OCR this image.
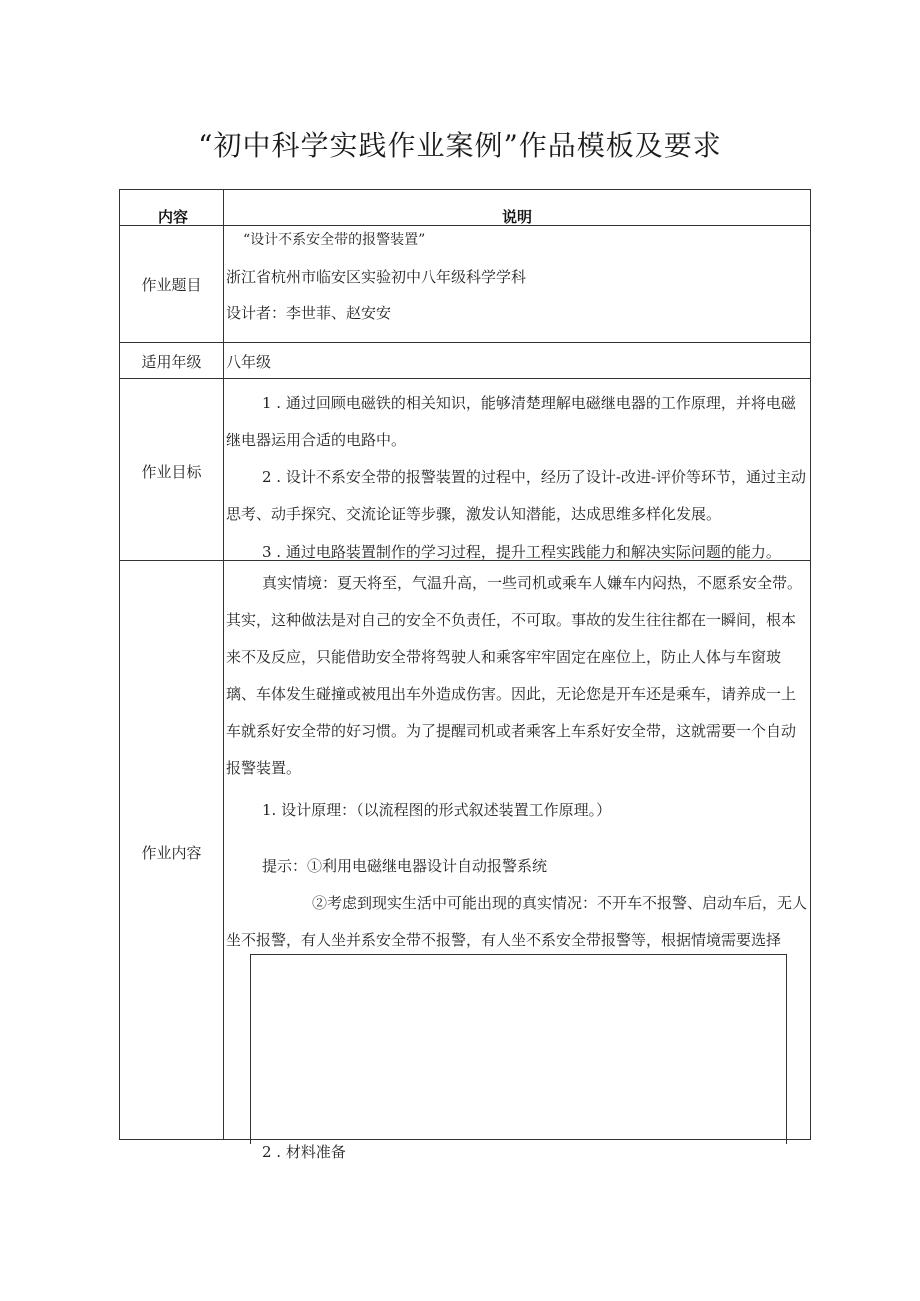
“初中科学实践作业案例”作品模板及要求
内容	说明
作业题目
“设计不系安全带的报警装置”
浙江省杭州市临安区实验初中八年级科学学科
设计者：李世菲、赵安安
适用年级	八年级
作业目标

1 . 通过回顾电磁铁的相关知识，能够清楚理解电磁继电器的工作原理，并将电磁继电器运用合适的电路中。

2 . 设计不系安全带的报警装置的过程中，经历了设计-改进-评价等环节，通过主动思考、动手探究、交流论证等步骤，激发认知潜能，达成思维多样化发展。

3 . 通过电路装置制作的学习过程，提升工程实践能力和解决实际问题的能力。
作业内容

真实情境：夏天将至，气温升高，一些司机或乘车人嫌车内闷热，不愿系安全带。其实，这种做法是对自己的安全不负责任，不可取。事故的发生往往都在一瞬间，根本来不及反应，只能借助安全带将驾驶人和乘客牢牢固定在座位上，防止人体与车窗玻璃、车体发生碰撞或被甩出车外造成伤害。因此，无论您是开车还是乘车，请养成一上车就系好安全带的好习惯。为了提醒司机或者乘客上车系好安全带，这就需要一个自动报警装置。

1. 设计原理：（以流程图的形式叙述装置工作原理。）
提示：①利用电磁继电器设计自动报警系统

②考虑到现实生活中可能出现的真实情况：不开车不报警、启动车后，无人坐不报警，有人坐并系安全带不报警，有人坐不系安全带报警等，根据情境需要选择

2 . 材料准备
